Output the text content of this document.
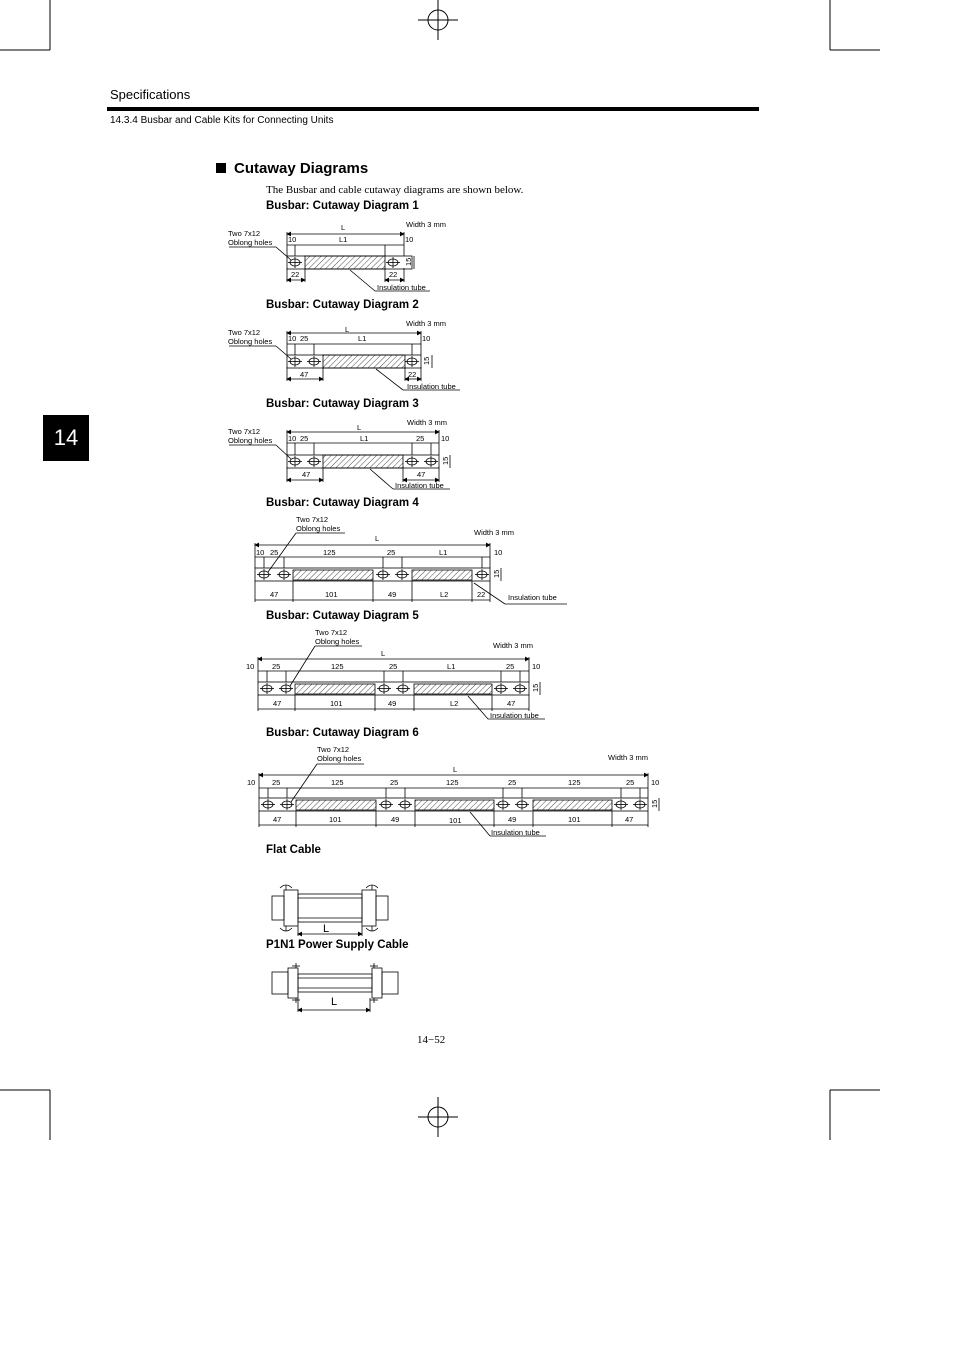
Specifications
14.3.4 Busbar and Cable Kits for Connecting Units
14
Cutaway Diagrams
The Busbar and cable cutaway diagrams are shown below.
Busbar: Cutaway Diagram 1
Busbar: Cutaway Diagram 2
Busbar: Cutaway Diagram 3
Busbar: Cutaway Diagram 4
Busbar: Cutaway Diagram 5
Busbar: Cutaway Diagram 6
Flat Cable
P1N1 Power Supply Cable
Two 7x12
Oblong holes
Width 3 mm
L
L1
10	10
22	22
15
Insulation tube
Two 7x12
Oblong holes
Width 3 mm
L
L1
10 25	10
47	22
15
Insulation tube
Two 7x12
Oblong holes
Width 3 mm
L
L1
10 25	25 10
47	47
15
Insulation tube
Two 7x12
Oblong holes	Width 3 mm
L
10 25	125	25	L1	10
47	101	49	L2	22
15
Insulation tube
Two 7x12
Oblong holes	Width 3 mm
L
10 25	125	25	L1	25 10
47	101	49	L2	47
15
Insulation tube
Two 7x12
Oblong holes	Width 3 mm
L
10 25	125	25	125	25	125	25 10
47	101	49	101	49	101	47
15
Insulation tube
L
L
14−52
